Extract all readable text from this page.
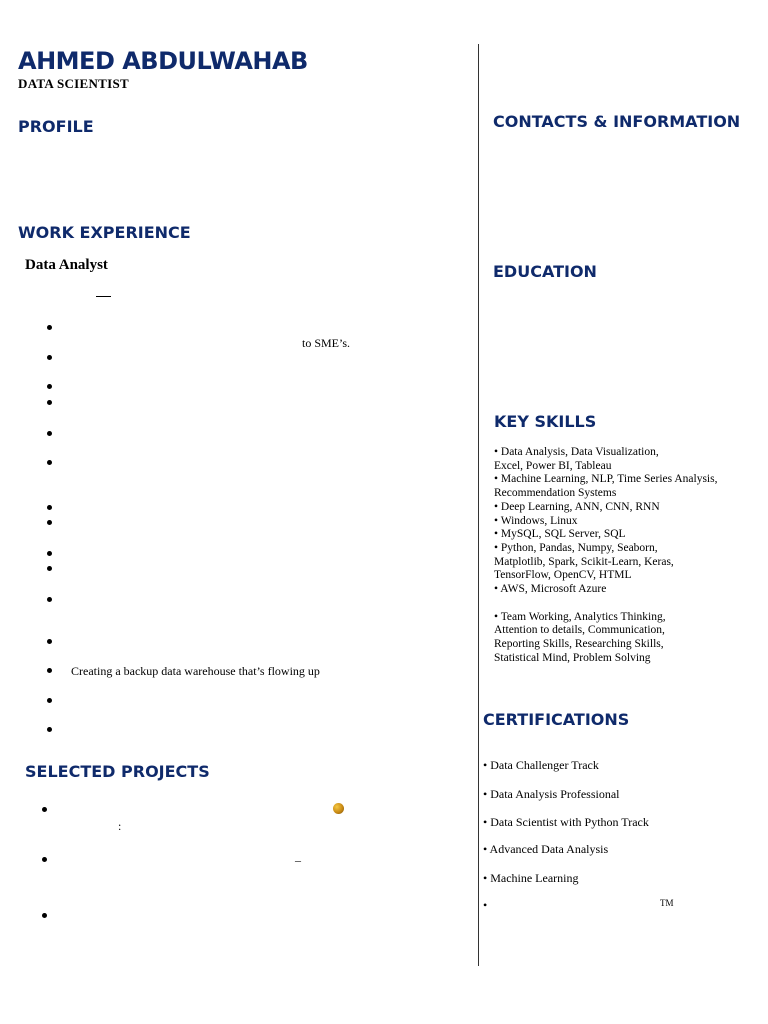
AHMED ABDULWAHAB
DATA SCIENTIST
PROFILE
WORK EXPERIENCE
Data Analyst
to SME’s.
Creating a backup data warehouse that’s flowing up
SELECTED PROJECTS
:
–
CONTACTS & INFORMATION
EDUCATION
KEY SKILLS
• Data Analysis, Data Visualization,
Excel, Power BI, Tableau
• Machine Learning, NLP, Time Series Analysis,
Recommendation Systems
• Deep Learning, ANN, CNN, RNN
• Windows, Linux
• MySQL, SQL Server, SQL
• Python, Pandas, Numpy, Seaborn,
Matplotlib, Spark, Scikit-Learn, Keras,
TensorFlow, OpenCV, HTML
• AWS, Microsoft Azure
• Team Working, Analytics Thinking,
Attention to details, Communication,
Reporting Skills, Researching Skills,
Statistical Mind, Problem Solving
CERTIFICATIONS
• Data Challenger Track
• Data Analysis Professional
• Data Scientist with Python Track
• Advanced Data Analysis
• Machine Learning
•	TM
